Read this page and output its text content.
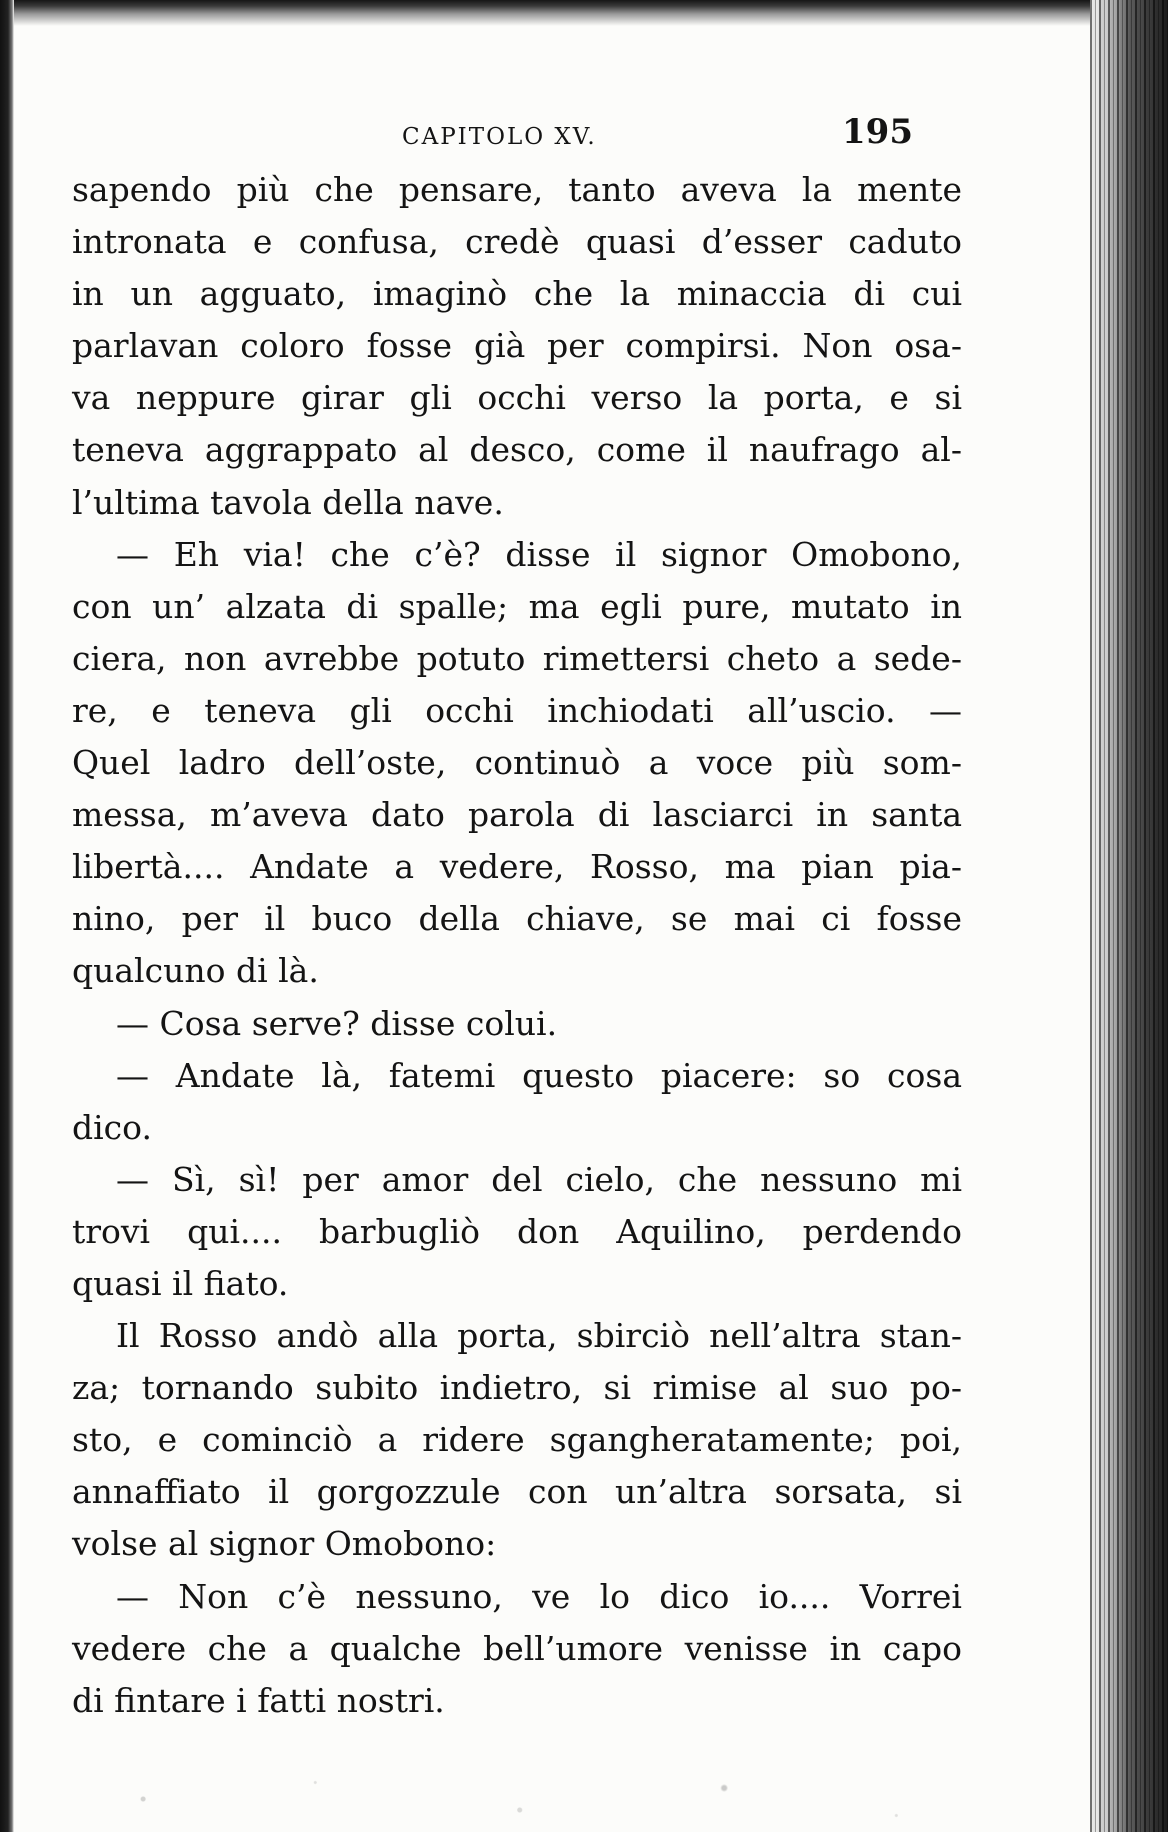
CAPITOLO XV.	195
sapendo più che pensare, tanto aveva la mente
intronata e confusa, credè quasi d’esser caduto
in un agguato, imaginò che la minaccia di cui
parlavan coloro fosse già per compirsi. Non osa-
va neppure girar gli occhi verso la porta, e si
teneva aggrappato al desco, come il naufrago al-
l’ultima tavola della nave.
— Eh via! che c’è? disse il signor Omobono,
con un’ alzata di spalle; ma egli pure, mutato in
ciera, non avrebbe potuto rimettersi cheto a sede-
re, e teneva gli occhi inchiodati all’uscio. —
Quel ladro dell’oste, continuò a voce più som-
messa, m’aveva dato parola di lasciarci in santa
libertà.... Andate a vedere, Rosso, ma pian pia-
nino, per il buco della chiave, se mai ci fosse
qualcuno di là.
— Cosa serve? disse colui.
— Andate là, fatemi questo piacere: so cosa
dico.
— Sì, sì! per amor del cielo, che nessuno mi
trovi qui.... barbugliò don Aquilino, perdendo
quasi il fiato.
Il Rosso andò alla porta, sbirciò nell’altra stan-
za; tornando subito indietro, si rimise al suo po-
sto, e cominciò a ridere sgangheratamente; poi,
annaffiato il gorgozzule con un’altra sorsata, si
volse al signor Omobono:
— Non c’è nessuno, ve lo dico io.... Vorrei
vedere che a qualche bell’umore venisse in capo
di fintare i fatti nostri.
